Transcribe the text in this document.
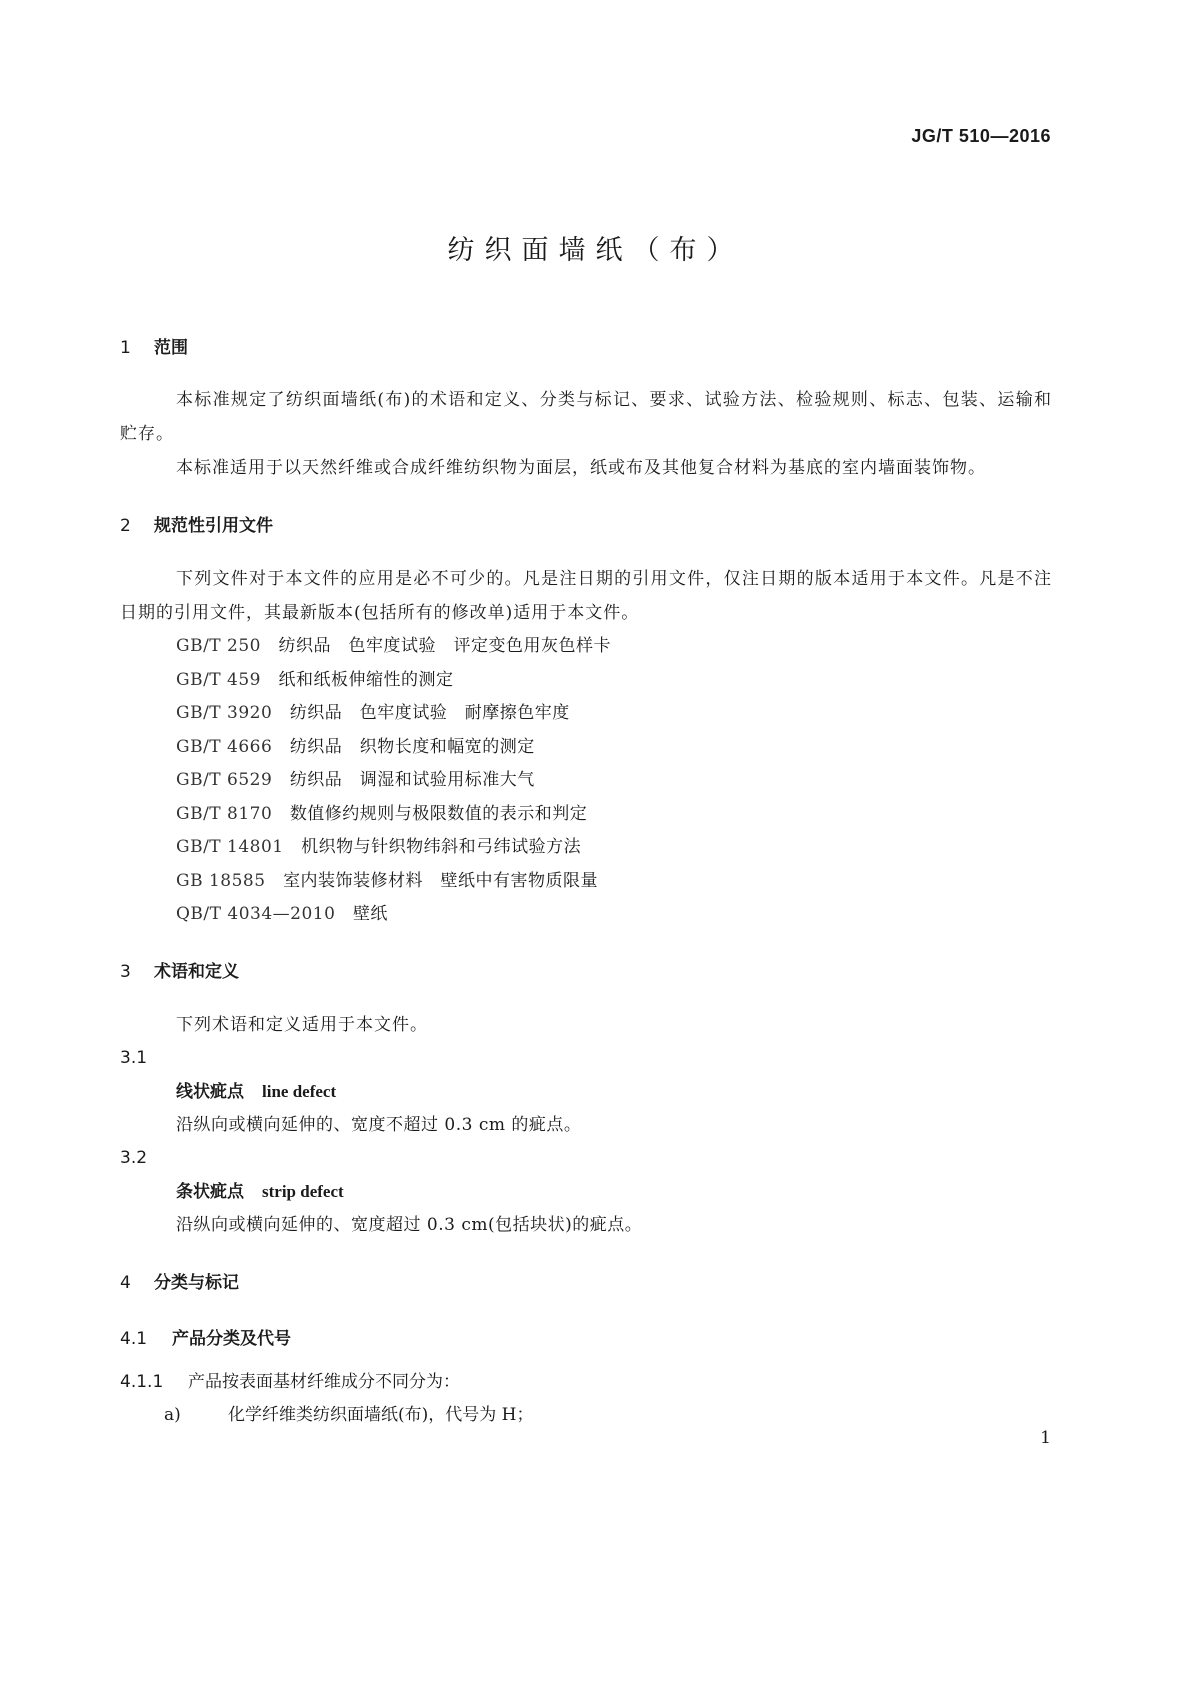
JG/T 510—2016
纺织面墙纸（布）

1 范围

本标准规定了纺织面墙纸(布)的术语和定义、分类与标记、要求、试验方法、检验规则、标志、包装、运输和贮存。

本标准适用于以天然纤维或合成纤维纺织物为面层，纸或布及其他复合材料为基底的室内墙面装饰物。

2 规范性引用文件

下列文件对于本文件的应用是必不可少的。凡是注日期的引用文件，仅注日期的版本适用于本文件。凡是不注日期的引用文件，其最新版本(包括所有的修改单)适用于本文件。

GB/T 250　 纺织品　色牢度试验　评定变色用灰色样卡

GB/T 459　 纸和纸板伸缩性的测定

GB/T 3920　 纺织品　色牢度试验　耐摩擦色牢度

GB/T 4666　 纺织品　织物长度和幅宽的测定

GB/T 6529　 纺织品　调湿和试验用标准大气

GB/T 8170　 数值修约规则与极限数值的表示和判定

GB/T 14801　 机织物与针织物纬斜和弓纬试验方法

GB 18585　 室内装饰装修材料　壁纸中有害物质限量

QB/T 4034—2010　 壁纸

3 术语和定义

下列术语和定义适用于本文件。

3.1

线状疵点 line defect

沿纵向或横向延伸的、宽度不超过 0.3 cm 的疵点。

3.2

条状疵点 strip defect

沿纵向或横向延伸的、宽度超过 0.3 cm(包括块状)的疵点。

4 分类与标记

4.1 产品分类及代号

4.1.1 产品按表面基材纤维成分不同分为：

a)	化学纤维类纺织面墙纸(布)，代号为 H；

1
